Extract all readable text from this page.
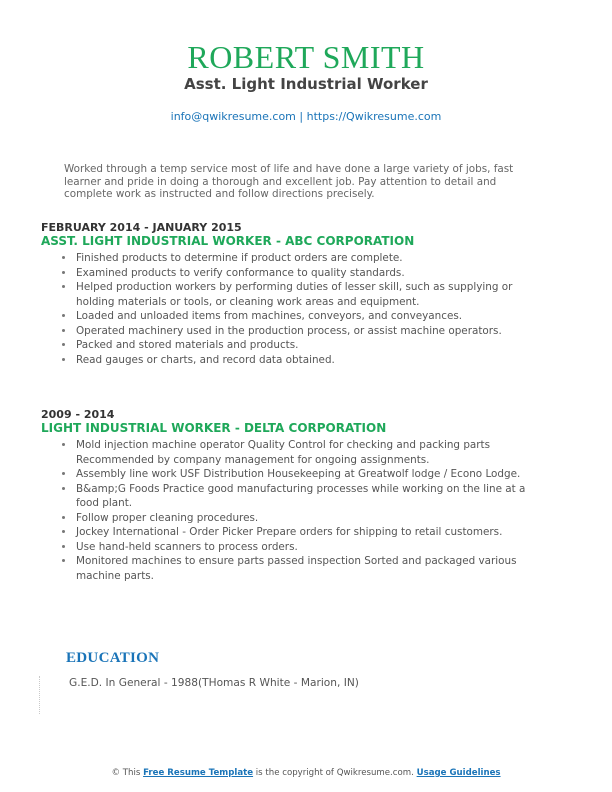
ROBERT SMITH
Asst. Light Industrial Worker
info@qwikresume.com | https://Qwikresume.com
Worked through a temp service most of life and have done a large variety of jobs, fast learner and pride in doing a thorough and excellent job. Pay attention to detail and complete work as instructed and follow directions precisely.
FEBRUARY 2014 - JANUARY 2015
ASST. LIGHT INDUSTRIAL WORKER - ABC CORPORATION
• Finished products to determine if product orders are complete.
• Examined products to verify conformance to quality standards.
• Helped production workers by performing duties of lesser skill, such as supplying or holding materials or tools, or cleaning work areas and equipment.
• Loaded and unloaded items from machines, conveyors, and conveyances.
• Operated machinery used in the production process, or assist machine operators.
• Packed and stored materials and products.
• Read gauges or charts, and record data obtained.
2009 - 2014
LIGHT INDUSTRIAL WORKER - DELTA CORPORATION
• Mold injection machine operator Quality Control for checking and packing parts Recommended by company management for ongoing assignments.
• Assembly line work USF Distribution Housekeeping at Greatwolf lodge / Econo Lodge.
• B&amp;G Foods Practice good manufacturing processes while working on the line at a food plant.
• Follow proper cleaning procedures.
• Jockey International - Order Picker Prepare orders for shipping to retail customers.
• Use hand-held scanners to process orders.
• Monitored machines to ensure parts passed inspection Sorted and packaged various machine parts.
EDUCATION
G.E.D. In General - 1988(THomas R White - Marion, IN)
© This Free Resume Template is the copyright of Qwikresume.com. Usage Guidelines
